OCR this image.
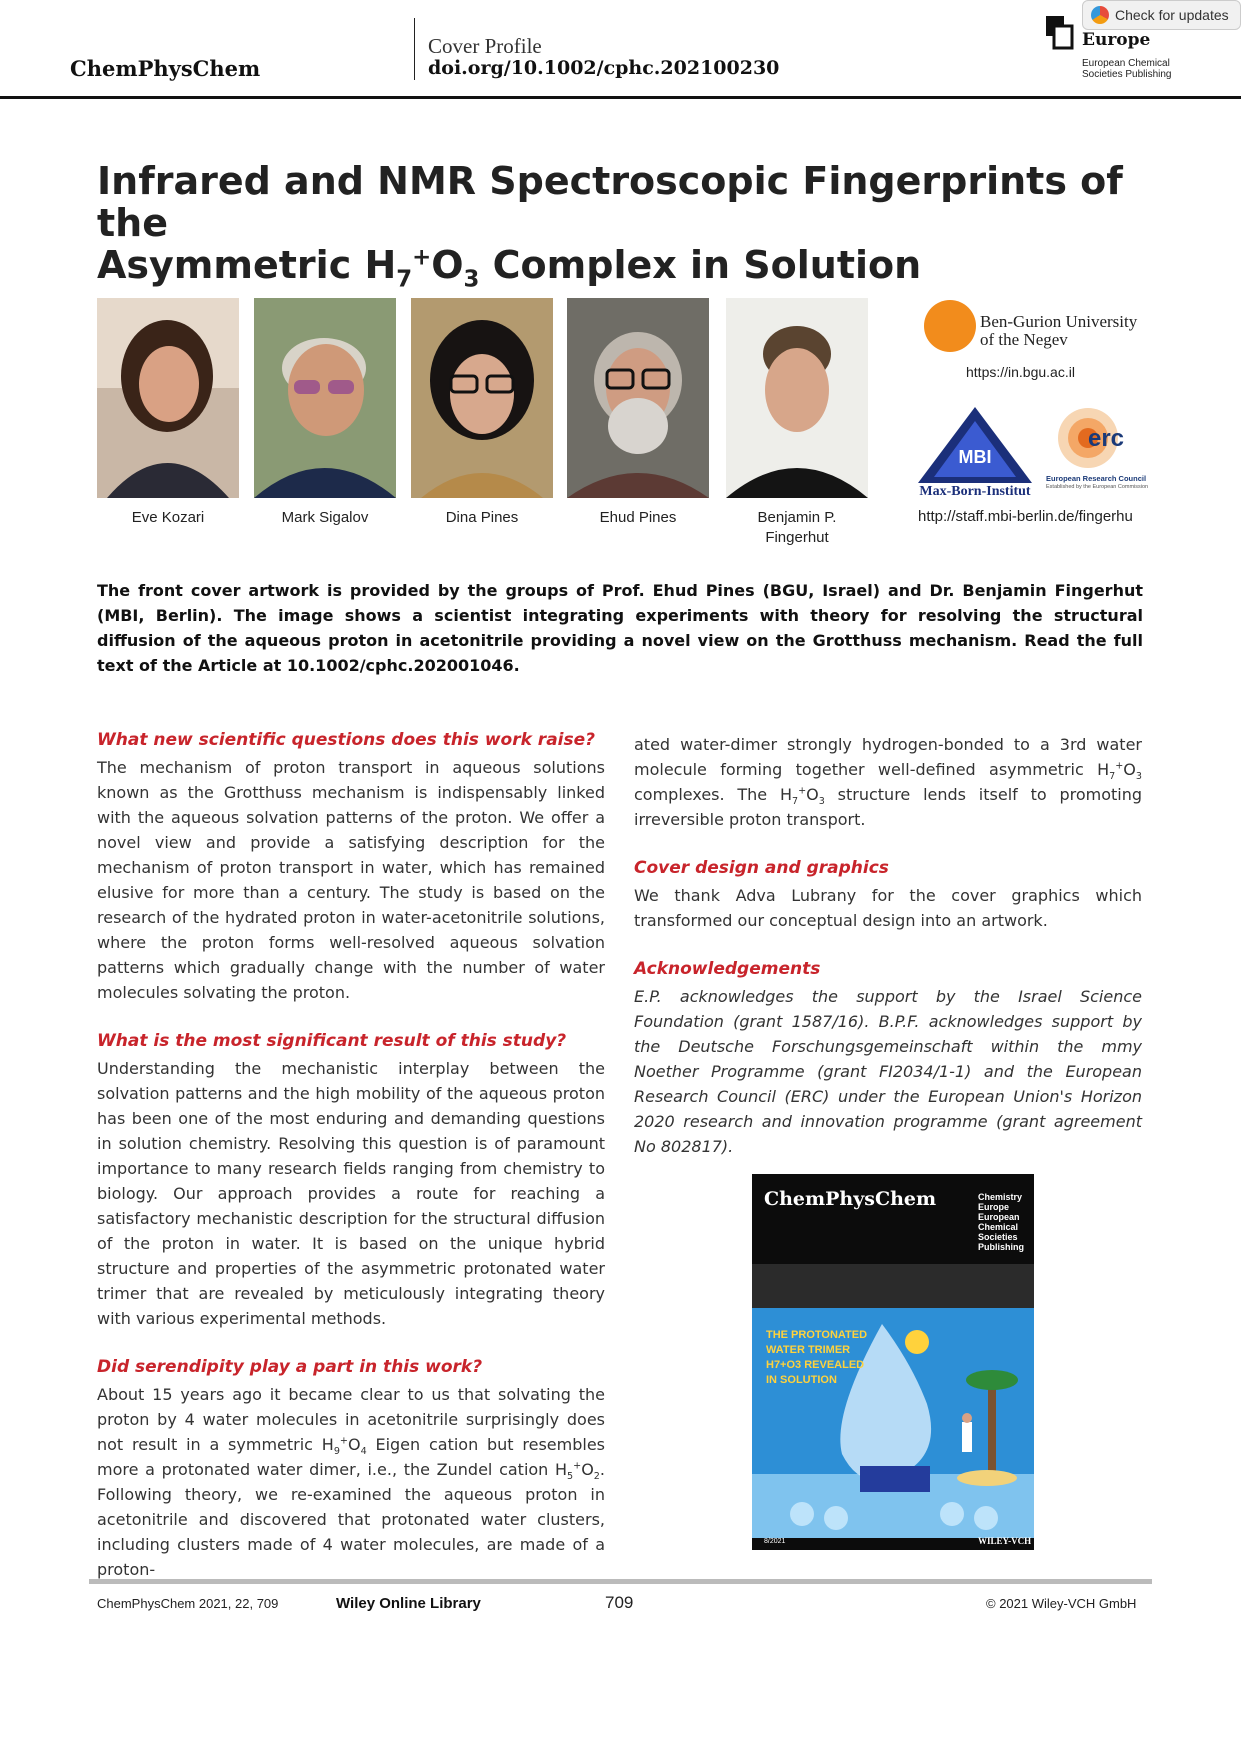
ChemPhysChem
Cover Profile
doi.org/10.1002/cphc.202100230
Europe
European Chemical Societies Publishing
Check for updates
Infrared and NMR Spectroscopic Fingerprints of the
Asymmetric $H_7^+O_3$ Complex in Solution
Eve Kozari	Mark Sigalov	Dina Pines	Ehud Pines	Benjamin P. Fingerhut
Ben-Gurion University of the Negev
https://in.bgu.ac.il
MBI
Max-Born-Institut
erc
European Research Council
Established by the European Commission
http://staff.mbi-berlin.de/fingerhu
The front cover artwork is provided by the groups of Prof. Ehud Pines (BGU, Israel) and Dr. Benjamin Fingerhut (MBI, Berlin). The image shows a scientist integrating experiments with theory for resolving the structural diffusion of the aqueous proton in acetonitrile providing a novel view on the Grotthuss mechanism. Read the full text of the Article at 10.1002/cphc.202001046.
What new scientific questions does this work raise?

The mechanism of proton transport in aqueous solutions known as the Grotthuss mechanism is indispensably linked with the aqueous solvation patterns of the proton. We offer a novel view and provide a satisfying description for the mechanism of proton transport in water, which has remained elusive for more than a century. The study is based on the research of the hydrated proton in water-acetonitrile solutions, where the proton forms well-resolved aqueous solvation patterns which gradually change with the number of water molecules solvating the proton.

What is the most significant result of this study?

Understanding the mechanistic interplay between the solvation patterns and the high mobility of the aqueous proton has been one of the most enduring and demanding questions in solution chemistry. Resolving this question is of paramount importance to many research fields ranging from chemistry to biology. Our approach provides a route for reaching a satisfactory mechanistic description for the structural diffusion of the proton in water. It is based on the unique hybrid structure and properties of the asymmetric protonated water trimer that are revealed by meticulously integrating theory with various experimental methods.

Did serendipity play a part in this work?

About 15 years ago it became clear to us that solvating the proton by 4 water molecules in acetonitrile surprisingly does not result in a symmetric $H_9^+O_4$ Eigen cation but resembles more a protonated water dimer, i.e., the Zundel cation $H_5^+O_2$. Following theory, we re-examined the aqueous proton in acetonitrile and discovered that protonated water clusters, including clusters made of 4 water molecules, are made of a proton-

ated water-dimer strongly hydrogen-bonded to a 3rd water molecule forming together well-defined asymmetric $H_7^+O_3$ complexes. The $H_7^+O_3$ structure lends itself to promoting irreversible proton transport.

Cover design and graphics

We thank Adva Lubrany for the cover graphics which transformed our conceptual design into an artwork.

Acknowledgements

E.P. acknowledges the support by the Israel Science Foundation (grant 1587/16). B.P.F. acknowledges support by the Deutsche Forschungsgemeinschaft within the mmy Noether Programme (grant FI2034/1-1) and the European Research Council (ERC) under the European Union's Horizon 2020 research and innovation programme (grant agreement No 802817).

ChemPhysChem	Chemistry Europe European Chemical Societies Publishing
THE PROTONATED WATER TRIMER H7+O3 REVEALED IN SOLUTION
8/2021	WILEY-VCH
ChemPhysChem 2021, 22, 709	Wiley Online Library	709	© 2021 Wiley-VCH GmbH
